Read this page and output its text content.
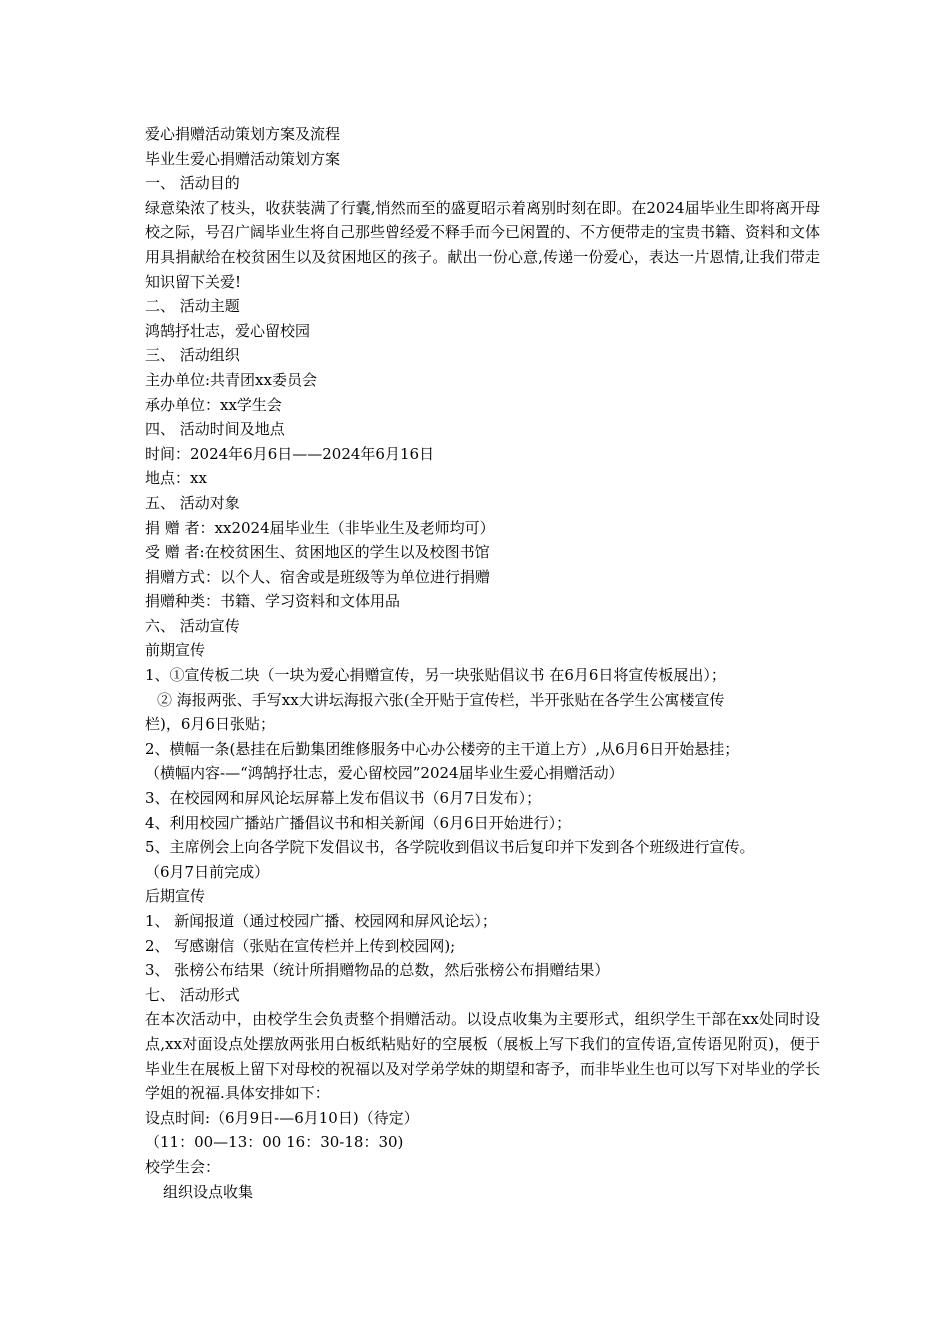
爱心捐赠活动策划方案及流程
毕业生爱心捐赠活动策划方案
一、 活动目的
绿意染浓了枝头，收获装满了行囊,悄然而至的盛夏昭示着离别时刻在即。在2024届毕业生即将离开母校之际，号召广阔毕业生将自己那些曾经爱不释手而今已闲置的、不方便带走的宝贵书籍、资料和文体用具捐献给在校贫困生以及贫困地区的孩子。献出一份心意,传递一份爱心，表达一片恩情,让我们带走知识留下关爱!
二、 活动主题
鸿鹄抒壮志，爱心留校园
三、 活动组织
主办单位:共青团xx委员会
承办单位：xx学生会
四、 活动时间及地点
时间：2024年6月6日——2024年6月16日
地点：xx
五、 活动对象
捐 赠 者：xx2024届毕业生（非毕业生及老师均可）
受 赠 者:在校贫困生、贫困地区的学生以及校图书馆
捐赠方式：以个人、宿舍或是班级等为单位进行捐赠
捐赠种类：书籍、学习资料和文体用品
六、 活动宣传
前期宣传
1、①宣传板二块（一块为爱心捐赠宣传，另一块张贴倡议书 在6月6日将宣传板展出）；
② 海报两张、手写xx大讲坛海报六张(全开贴于宣传栏，半开张贴在各学生公寓楼宣传
栏)，6月6日张贴；
2、横幅一条(悬挂在后勤集团维修服务中心办公楼旁的主干道上方）,从6月6日开始悬挂；
（横幅内容-—“鸿鹄抒壮志，爱心留校园”2024届毕业生爱心捐赠活动）
3、在校园网和屏风论坛屏幕上发布倡议书（6月7日发布）；
4、利用校园广播站广播倡议书和相关新闻（6月6日开始进行）；
5、主席例会上向各学院下发倡议书，各学院收到倡议书后复印并下发到各个班级进行宣传。
（6月7日前完成）
后期宣传
1、 新闻报道（通过校园广播、校园网和屏风论坛）；
2、 写感谢信（张贴在宣传栏并上传到校园网);
3、 张榜公布结果（统计所捐赠物品的总数，然后张榜公布捐赠结果）
七、 活动形式
在本次活动中，由校学生会负责整个捐赠活动。以设点收集为主要形式，组织学生干部在xx处同时设点,xx对面设点处摆放两张用白板纸粘贴好的空展板（展板上写下我们的宣传语,宣传语见附页)，便于毕业生在展板上留下对母校的祝福以及对学弟学妹的期望和寄予，而非毕业生也可以写下对毕业的学长学姐的祝福.具体安排如下：
设点时间:（6月9日-—6月10日)（待定）
（11：00—13：00 16：30-18：30)
校学生会：
组织设点收集
